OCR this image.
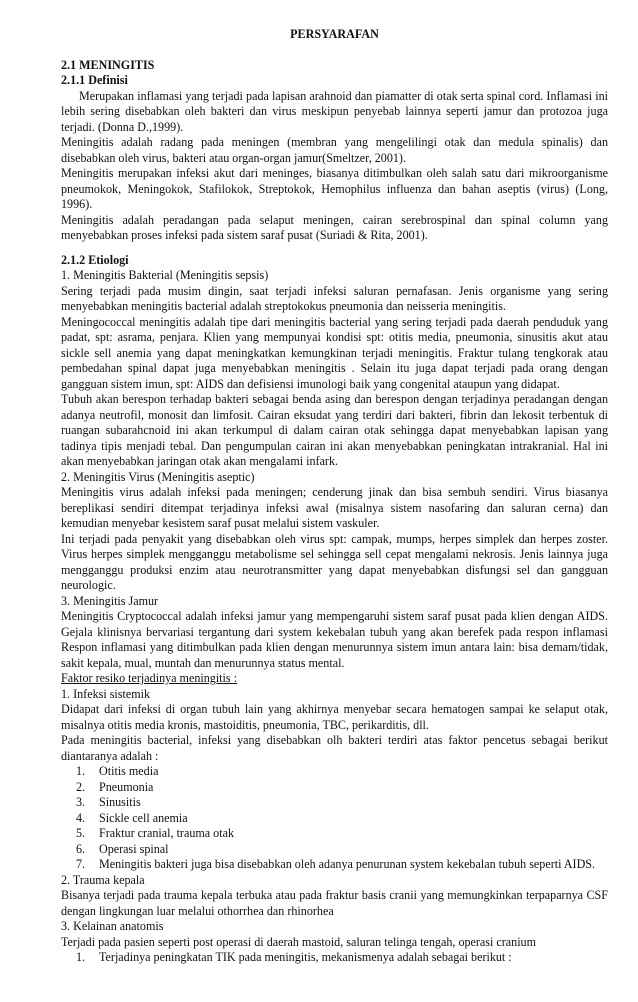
PERSYARAFAN
2.1 MENINGITIS
2.1.1 Definisi

Merupakan inflamasi yang terjadi pada lapisan arahnoid dan piamatter di otak serta spinal cord. Inflamasi ini lebih sering disebabkan oleh bakteri dan virus meskipun penyebab lainnya seperti jamur dan protozoa juga terjadi. (Donna D.,1999).

Meningitis adalah radang pada meningen (membran yang mengelilingi otak dan medula spinalis) dan disebabkan oleh virus, bakteri atau organ-organ jamur(Smeltzer, 2001).

Meningitis merupakan infeksi akut dari meninges, biasanya ditimbulkan oleh salah satu dari mikroorganisme pneumokok, Meningokok, Stafilokok, Streptokok, Hemophilus influenza dan bahan aseptis (virus) (Long, 1996).

Meningitis adalah peradangan pada selaput meningen, cairan serebrospinal dan spinal column yang menyebabkan proses infeksi pada sistem saraf pusat (Suriadi & Rita, 2001).

2.1.2 Etiologi

1. Meningitis Bakterial (Meningitis sepsis)

Sering terjadi pada musim dingin, saat terjadi infeksi saluran pernafasan. Jenis organisme yang sering menyebabkan meningitis bacterial adalah streptokokus pneumonia dan neisseria meningitis.

Meningococcal meningitis adalah tipe dari meningitis bacterial yang sering terjadi pada daerah penduduk yang padat, spt: asrama, penjara. Klien yang mempunyai kondisi spt: otitis media, pneumonia, sinusitis akut atau sickle sell anemia yang dapat meningkatkan kemungkinan terjadi meningitis. Fraktur tulang tengkorak atau pembedahan spinal dapat juga menyebabkan meningitis . Selain itu juga dapat terjadi pada orang dengan gangguan sistem imun, spt: AIDS dan defisiensi imunologi baik yang congenital ataupun yang didapat.

Tubuh akan berespon terhadap bakteri sebagai benda asing dan berespon dengan terjadinya peradangan dengan adanya neutrofil, monosit dan limfosit. Cairan eksudat yang terdiri dari bakteri, fibrin dan lekosit terbentuk di ruangan subarahcnoid ini akan terkumpul di dalam cairan otak sehingga dapat menyebabkan lapisan yang tadinya tipis menjadi tebal. Dan pengumpulan cairan ini akan menyebabkan peningkatan intrakranial. Hal ini akan menyebabkan jaringan otak akan mengalami infark.

2. Meningitis Virus (Meningitis aseptic)

Meningitis virus adalah infeksi pada meningen; cenderung jinak dan bisa sembuh sendiri. Virus biasanya bereplikasi sendiri ditempat terjadinya infeksi awal (misalnya sistem nasofaring dan saluran cerna) dan kemudian menyebar kesistem saraf pusat melalui sistem vaskuler.

Ini terjadi pada penyakit yang disebabkan oleh virus spt: campak, mumps, herpes simplek dan herpes zoster. Virus herpes simplek mengganggu metabolisme sel sehingga sell cepat mengalami nekrosis. Jenis lainnya juga mengganggu produksi enzim atau neurotransmitter yang dapat menyebabkan disfungsi sel dan gangguan neurologic.

3. Meningitis Jamur

Meningitis Cryptococcal adalah infeksi jamur yang mempengaruhi sistem saraf pusat pada klien dengan AIDS. Gejala klinisnya bervariasi tergantung dari system kekebalan tubuh yang akan berefek pada respon inflamasi Respon inflamasi yang ditimbulkan pada klien dengan menurunnya sistem imun antara lain: bisa demam/tidak, sakit kepala, mual, muntah dan menurunnya status mental.

Faktor resiko terjadinya meningitis :

1. Infeksi sistemik

Didapat dari infeksi di organ tubuh lain yang akhirnya menyebar secara hematogen sampai ke selaput otak, misalnya otitis media kronis, mastoiditis, pneumonia, TBC, perikarditis, dll.

Pada meningitis bacterial, infeksi yang disebabkan olh bakteri terdiri atas faktor pencetus sebagai berikut diantaranya adalah :

1. Otitis media
2. Pneumonia
3. Sinusitis
4. Sickle cell anemia
5. Fraktur cranial, trauma otak
6. Operasi spinal
7. Meningitis bakteri juga bisa disebabkan oleh adanya penurunan system kekebalan tubuh seperti AIDS.

2. Trauma kepala

Bisanya terjadi pada trauma kepala terbuka atau pada fraktur basis cranii yang memungkinkan terpaparnya CSF dengan lingkungan luar melalui othorrhea dan rhinorhea

3. Kelainan anatomis

Terjadi pada pasien seperti post operasi di daerah mastoid, saluran telinga tengah, operasi cranium

1. Terjadinya peningkatan TIK pada meningitis, mekanismenya adalah sebagai berikut :
